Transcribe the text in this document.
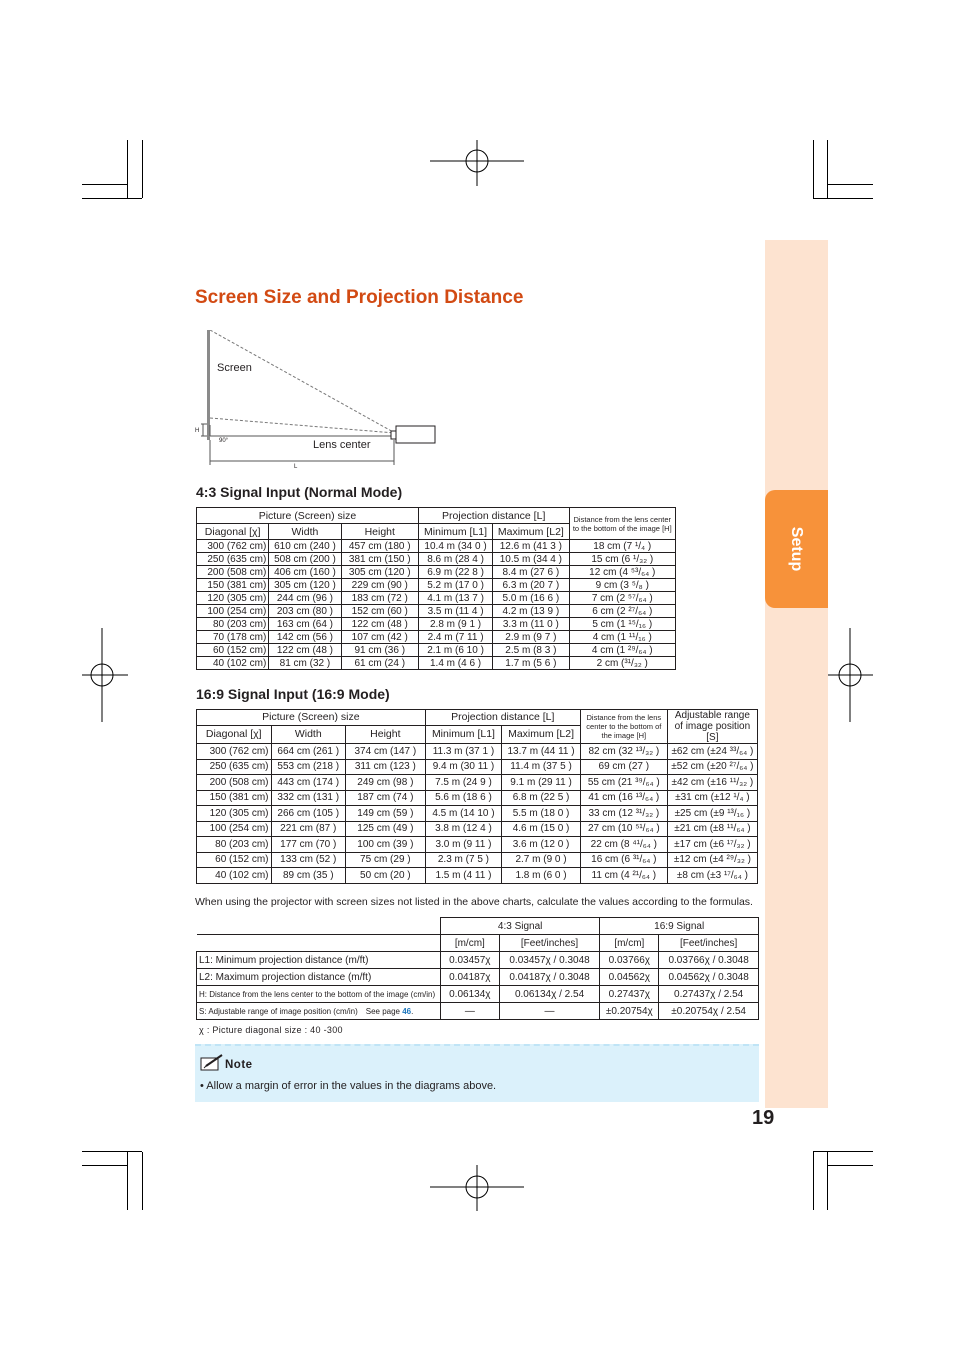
Setup
19
Screen Size and Projection Distance
Screen
Lens center
H
L
90°
4:3 Signal Input (Normal Mode)
Picture (Screen) size			Projection distance [L]		Distance from the lens center to the bottom of the image [H]
Diagonal [χ]	Width	Height	Minimum [L1]	Maximum [L2]	
300 (762 cm)	610 cm (240 )	457 cm (180 )	10.4 m (34 0 )	12.6 m (41 3 )	18 cm (7 ¹/₄ )
250 (635 cm)	508 cm (200 )	381 cm (150 )	8.6 m (28 4 )	10.5 m (34 4 )	15 cm (6 ¹/₃₂ )
200 (508 cm)	406 cm (160 )	305 cm (120 )	6.9 m (22 8 )	8.4 m (27 6 )	12 cm (4 ⁵³/₆₄ )
150 (381 cm)	305 cm (120 )	229 cm (90 )	5.2 m (17 0 )	6.3 m (20 7 )	9 cm (3 ⁵/₈ )
120 (305 cm)	244 cm (96 )	183 cm (72 )	4.1 m (13 7 )	5.0 m (16 6 )	7 cm (2 ⁵⁷/₆₄ )
100 (254 cm)	203 cm (80 )	152 cm (60 )	3.5 m (11 4 )	4.2 m (13 9 )	6 cm (2 ²⁷/₆₄ )
80 (203 cm)	163 cm (64 )	122 cm (48 )	2.8 m (9 1 )	3.3 m (11 0 )	5 cm (1 ¹⁵/₁₆ )
70 (178 cm)	142 cm (56 )	107 cm (42 )	2.4 m (7 11 )	2.9 m (9 7 )	4 cm (1 ¹¹/₁₆ )
60 (152 cm)	122 cm (48 )	91 cm (36 )	2.1 m (6 10 )	2.5 m (8 3 )	4 cm (1 ²⁹/₆₄ )
40 (102 cm)	81 cm (32 )	61 cm (24 )	1.4 m (4 6 )	1.7 m (5 6 )	2 cm (³¹/₃₂ )
16:9 Signal Input (16:9 Mode)
Picture (Screen) size			Projection distance [L]		Distance from the lens center to the bottom of the image [H]	Adjustable range of image position [S]
Diagonal [χ]	Width	Height	Minimum [L1]	Maximum [L2]		
300 (762 cm)	664 cm (261 )	374 cm (147 )	11.3 m (37 1 )	13.7 m (44 11 )	82 cm (32 ¹³/₃₂ )	±62 cm (±24 ³³/₆₄ )
250 (635 cm)	553 cm (218 )	311 cm (123 )	9.4 m (30 11 )	11.4 m (37 5 )	69 cm (27 )	±52 cm (±20 ²⁷/₆₄ )
200 (508 cm)	443 cm (174 )	249 cm (98 )	7.5 m (24 9 )	9.1 m (29 11 )	55 cm (21 ³⁹/₆₄ )	±42 cm (±16 ¹¹/₃₂ )
150 (381 cm)	332 cm (131 )	187 cm (74 )	5.6 m (18 6 )	6.8 m (22 5 )	41 cm (16 ¹³/₆₄ )	±31 cm (±12 ¹/₄ )
120 (305 cm)	266 cm (105 )	149 cm (59 )	4.5 m (14 10 )	5.5 m (18 0 )	33 cm (12 ³¹/₃₂ )	±25 cm (±9 ¹³/₁₆ )
100 (254 cm)	221 cm (87 )	125 cm (49 )	3.8 m (12 4 )	4.6 m (15 0 )	27 cm (10 ⁵¹/₆₄ )	±21 cm (±8 ¹¹/₆₄ )
80 (203 cm)	177 cm (70 )	100 cm (39 )	3.0 m (9 11 )	3.6 m (12 0 )	22 cm (8 ⁴¹/₆₄ )	±17 cm (±6 ¹⁷/₃₂ )
60 (152 cm)	133 cm (52 )	75 cm (29 )	2.3 m (7 5 )	2.7 m (9 0 )	16 cm (6 ³¹/₆₄ )	±12 cm (±4 ²⁹/₃₂ )
40 (102 cm)	89 cm (35 )	50 cm (20 )	1.5 m (4 11 )	1.8 m (6 0 )	11 cm (4 ²¹/₆₄ )	±8 cm (±3 ¹⁷/₆₄ )
When using the projector with screen sizes not listed in the above charts, calculate the values according to the formulas.
	4:3 Signal		16:9 Signal	
	[m/cm]	[Feet/inches]	[m/cm]	[Feet/inches]
L1: Minimum projection distance (m/ft)	0.03457χ	0.03457χ / 0.3048	0.03766χ	0.03766χ / 0.3048
L2: Maximum projection distance (m/ft)	0.04187χ	0.04187χ / 0.3048	0.04562χ	0.04562χ / 0.3048
H: Distance from the lens center to the bottom of the image (cm/in)	0.06134χ	0.06134χ / 2.54	0.27437χ	0.27437χ / 2.54
S: Adjustable range of image position (cm/in) See page 46.	—	—	±0.20754χ	±0.20754χ / 2.54
χ : Picture diagonal size : 40 -300
Note
• Allow a margin of error in the values in the diagrams above.
